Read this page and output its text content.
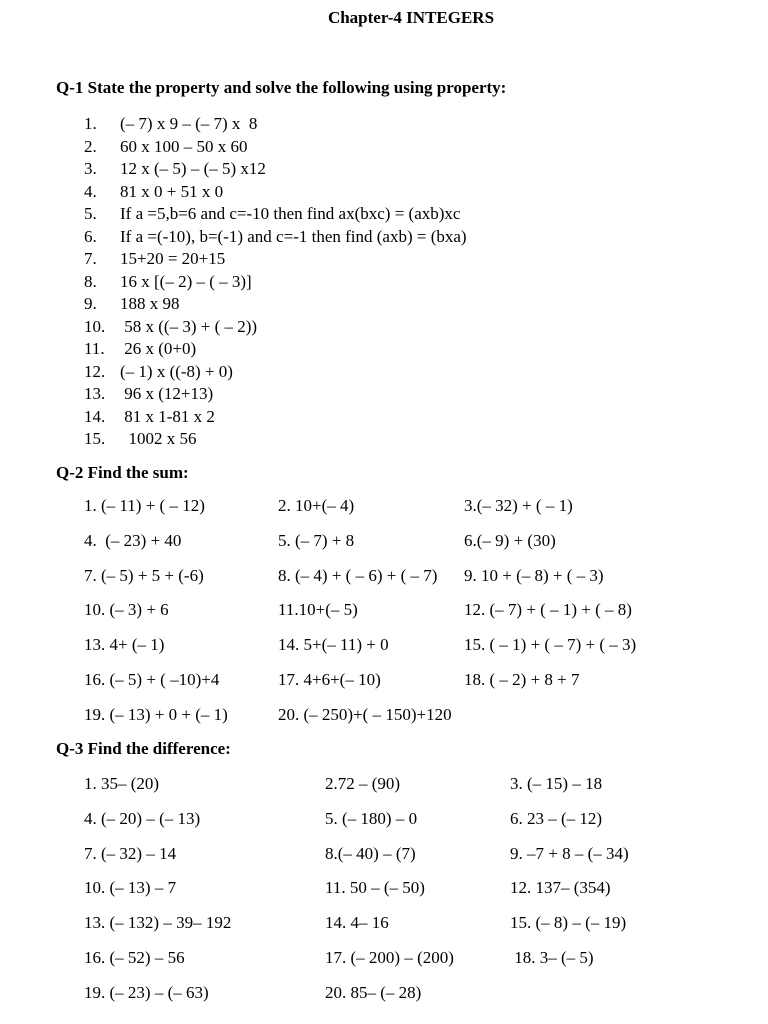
Chapter-4 INTEGERS
Q-1 State the property and solve the following using property:
1. (– 7) x 9 – (– 7) x  8
2. 60 x 100 – 50 x 60
3. 12 x (– 5) – (– 5) x12
4. 81 x 0 + 51 x 0
5. If a =5,b=6 and c=-10 then find ax(bxc) = (axb)xc
6. If a =(-10), b=(-1) and c=-1 then find (axb) = (bxa)
7. 15+20 = 20+15
8. 16 x [(– 2) – ( – 3)]
9. 188 x 98
10. 58 x ((– 3) + ( – 2))
11. 26 x (0+0)
12. (– 1) x ((-8) + 0)
13. 96 x (12+13)
14. 81 x 1-81 x 2
15.  1002 x 56
Q-2 Find the sum:
1. (– 11) + ( – 12)	2. 10+(– 4)	3.(– 32) + ( – 1)
4.  (– 23) + 40	5. (– 7) + 8	6.(– 9) + (30)
7. (– 5) + 5 + (-6)	8. (– 4) + ( – 6) + ( – 7) 9. 10 + (– 8) + ( – 3)
10. (– 3) + 6	11.10+(– 5)	12. (– 7) + ( – 1) + ( – 8)
13. 4+ (– 1)	14. 5+(– 11) + 0	15. ( – 1) + ( – 7) + ( – 3)
16. (– 5) + ( –10)+4	17. 4+6+(– 10)	18. ( – 2) + 8 + 7
19. (– 13) + 0 + (– 1)	20. (– 250)+( – 150)+120
Q-3 Find the difference:
1. 35– (20)	2.72 – (90)	3. (– 15) – 18
4. (– 20) – (– 13)	5. (– 180) – 0	6. 23 – (– 12)
7. (– 32) – 14	8.(– 40) – (7)	9. –7 + 8 – (– 34)
10. (– 13) – 7	11. 50 – (– 50)	12. 137– (354)
13. (– 132) – 39– 192	14. 4– 16	15. (– 8) – (– 19)
16. (– 52) – 56	17. (– 200) – (200)	18. 3– (– 5)
19. (– 23) – (– 63)	20. 85– (– 28)
